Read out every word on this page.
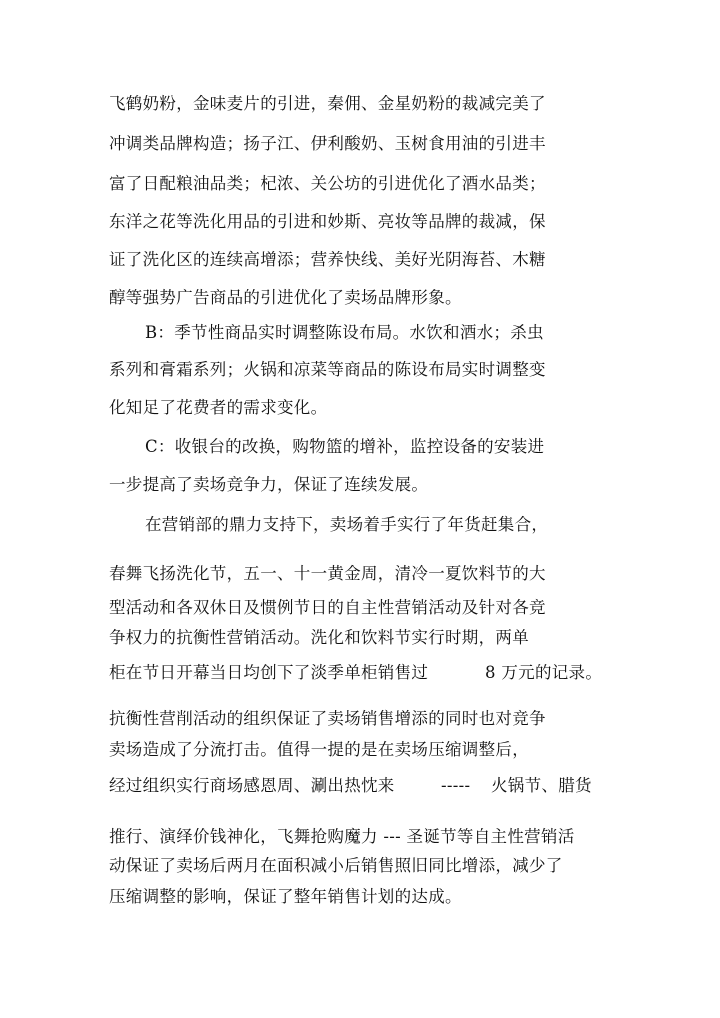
飞鹤奶粉，金味麦片的引进，秦佣、金星奶粉的裁减完美了
冲调类品牌构造；扬子江、伊利酸奶、玉树食用油的引进丰
富了日配粮油品类；杞浓、关公坊的引进优化了酒水品类；
东洋之花等洗化用品的引进和妙斯、亮妆等品牌的裁减，保
证了洗化区的连续高增添；营养快线、美好光阴海苔、木糖
醇等强势广告商品的引进优化了卖场品牌形象。
B：季节性商品实时调整陈设布局。水饮和酒水；杀虫
系列和膏霜系列；火锅和凉菜等商品的陈设布局实时调整变
化知足了花费者的需求变化。
C：收银台的改换，购物篮的增补，监控设备的安装进
一步提高了卖场竞争力，保证了连续发展。
在营销部的鼎力支持下，卖场着手实行了年货赶集合，
春舞飞扬洗化节，五一、十一黄金周，清冷一夏饮料节的大
型活动和各双休日及惯例节日的自主性营销活动及针对各竞
争权力的抗衡性营销活动。洗化和饮料节实行时期，两单
柜在节日开幕当日均创下了淡季单柜销售过	8 万元的记录。
抗衡性营削活动的组织保证了卖场销售增添的同时也对竞争
卖场造成了分流打击。值得一提的是在卖场压缩调整后，
经过组织实行商场感恩周、涮出热忱来	----- 火锅节、腊货
推行、演绎价钱神化，飞舞抢购魔力 --- 圣诞节等自主性营销活
动保证了卖场后两月在面积减小后销售照旧同比增添，减少了
压缩调整的影响，保证了整年销售计划的达成。
